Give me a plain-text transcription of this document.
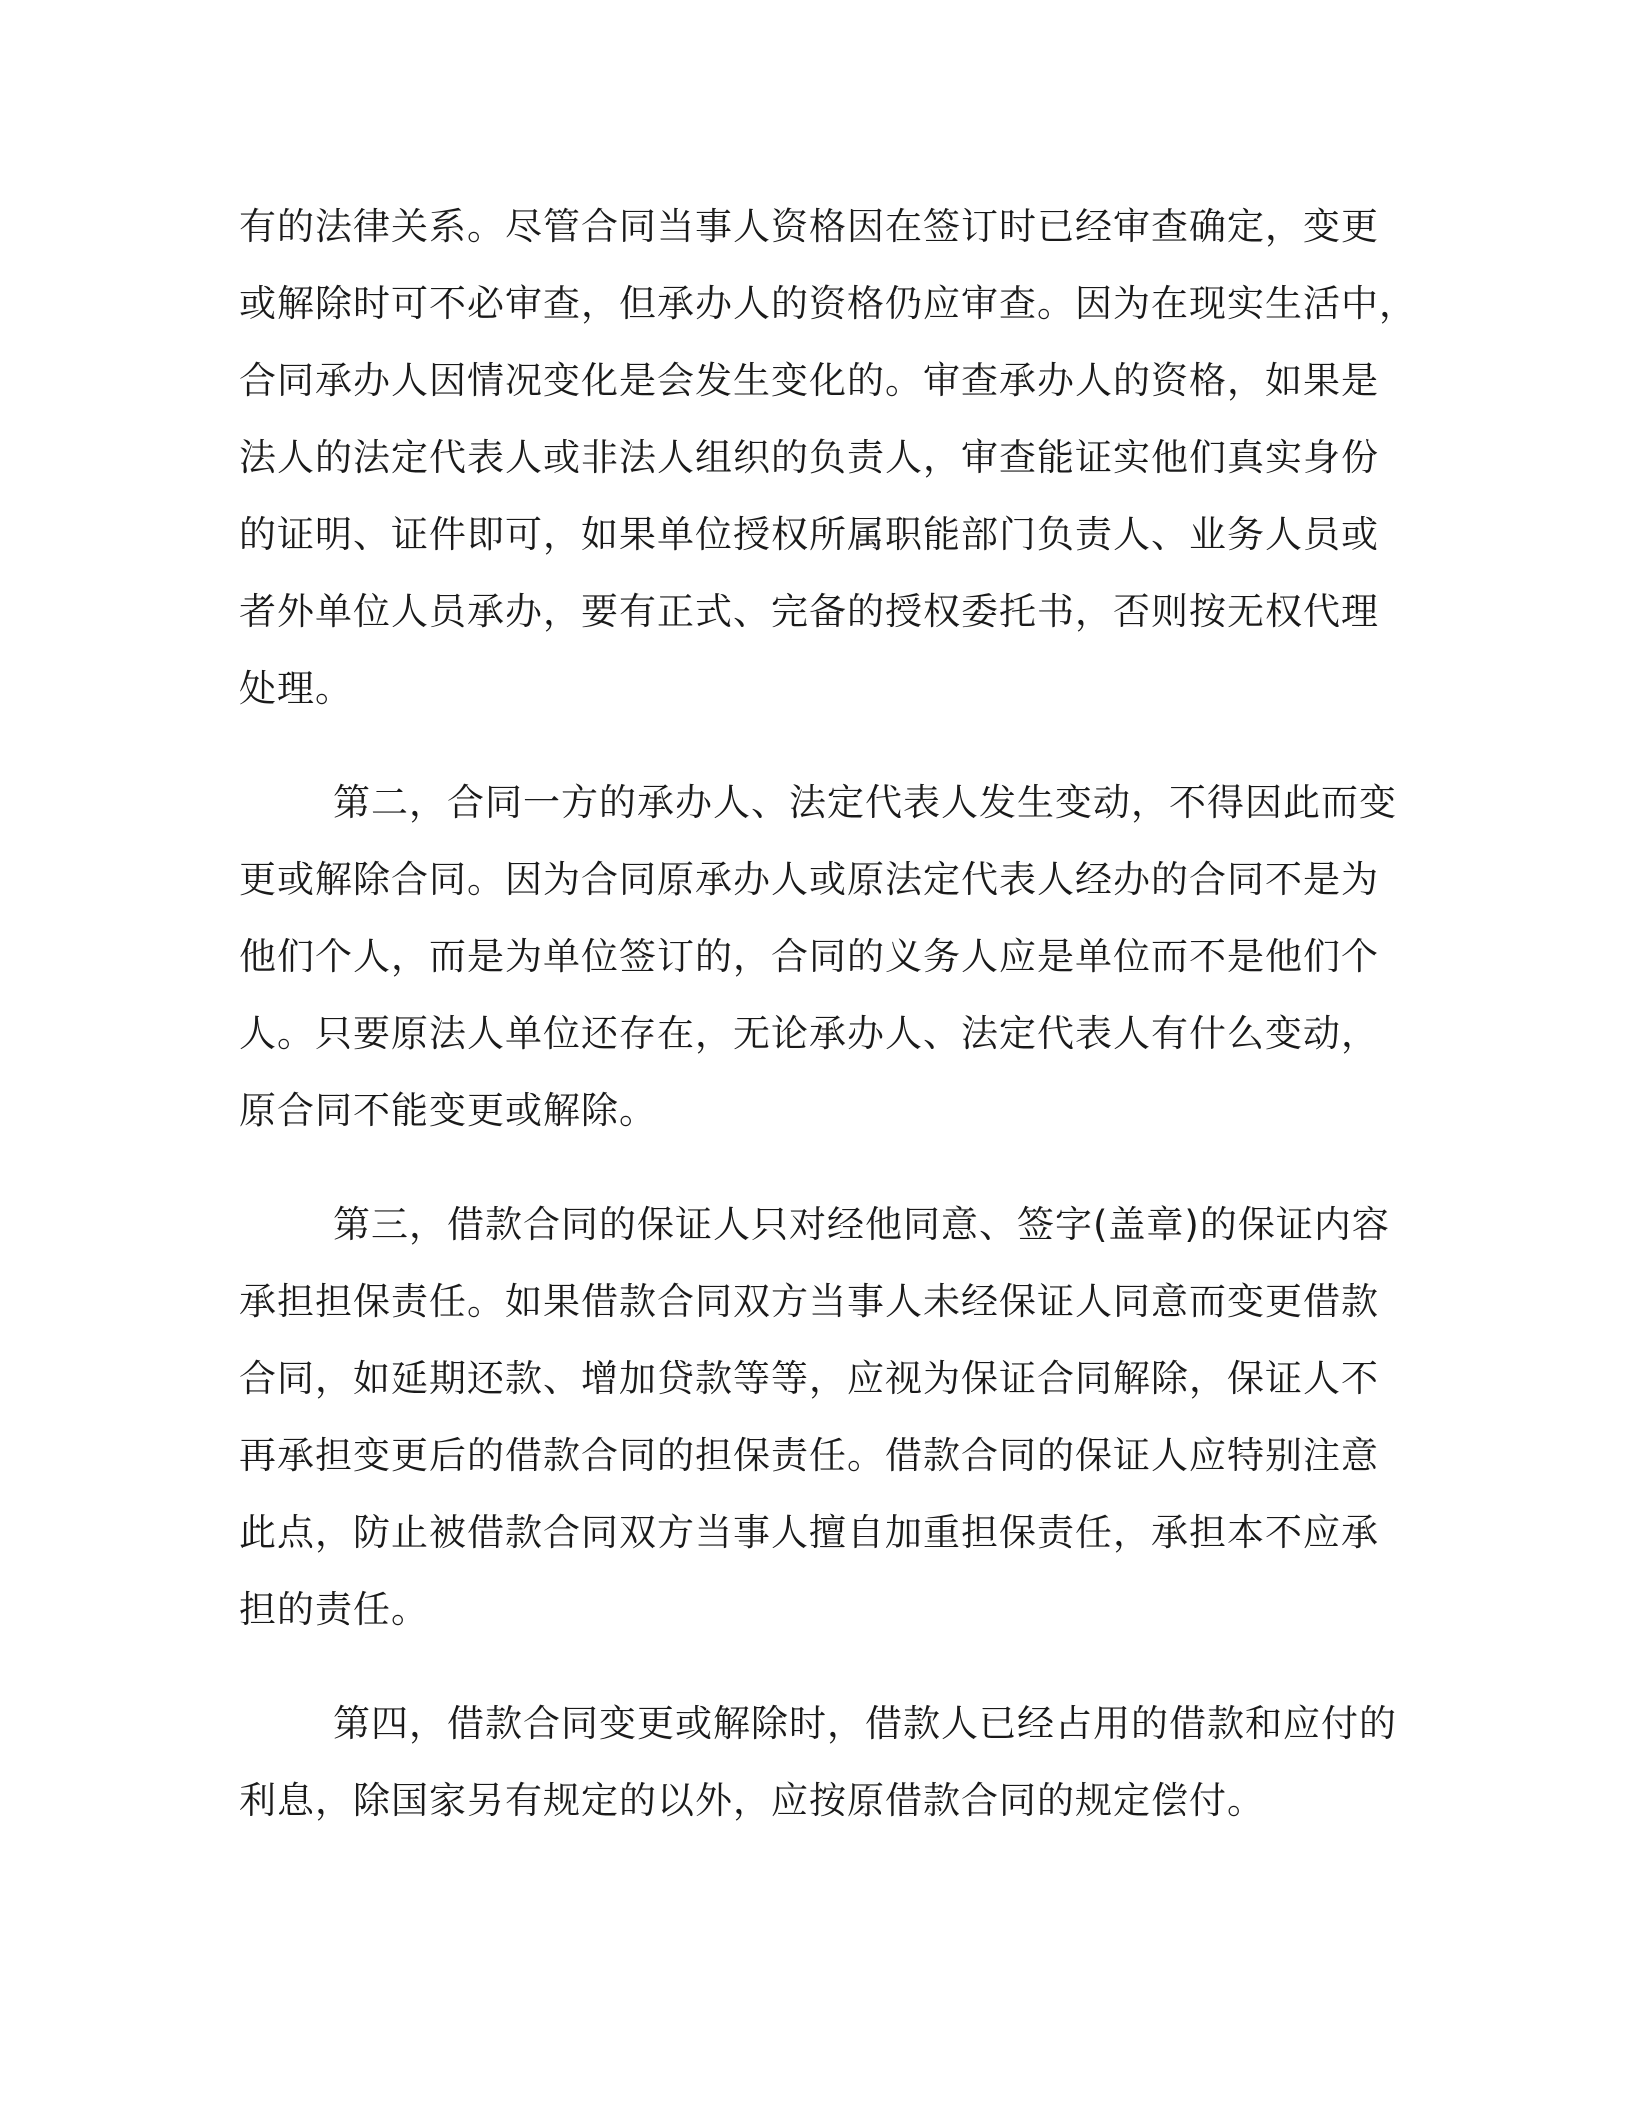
有的法律关系。尽管合同当事人资格因在签订时已经审查确定，变更
或解除时可不必审查，但承办人的资格仍应审查。因为在现实生活中，
合同承办人因情况变化是会发生变化的。审查承办人的资格，如果是
法人的法定代表人或非法人组织的负责人，审查能证实他们真实身份
的证明、证件即可，如果单位授权所属职能部门负责人、业务人员或
者外单位人员承办，要有正式、完备的授权委托书，否则按无权代理
处理。

第二，合同一方的承办人、法定代表人发生变动，不得因此而变
更或解除合同。因为合同原承办人或原法定代表人经办的合同不是为
他们个人，而是为单位签订的，合同的义务人应是单位而不是他们个
人。只要原法人单位还存在，无论承办人、法定代表人有什么变动，
原合同不能变更或解除。

第三，借款合同的保证人只对经他同意、签字(盖章)的保证内容
承担担保责任。如果借款合同双方当事人未经保证人同意而变更借款
合同，如延期还款、增加贷款等等，应视为保证合同解除，保证人不
再承担变更后的借款合同的担保责任。借款合同的保证人应特别注意
此点，防止被借款合同双方当事人擅自加重担保责任，承担本不应承
担的责任。

第四，借款合同变更或解除时，借款人已经占用的借款和应付的
利息，除国家另有规定的以外，应按原借款合同的规定偿付。
